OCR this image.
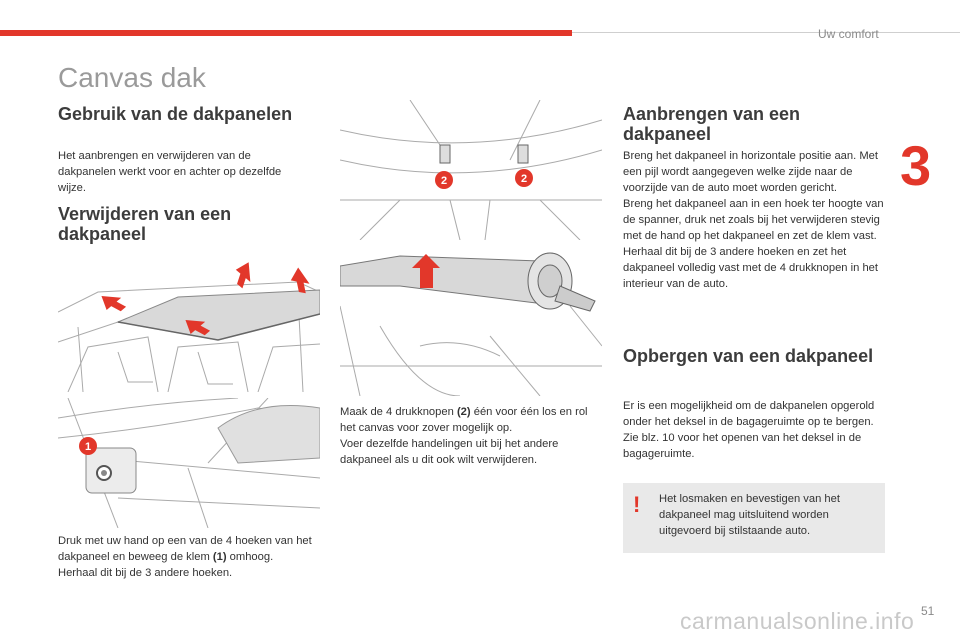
Uw comfort
3
Canvas dak
Gebruik van de dakpanelen

Het aanbrengen en verwijderen van de dakpanelen werkt voor en achter op dezelfde wijze.

Verwijderen van een dakpaneel
1

Druk met uw hand op een van de 4 hoeken van het dakpaneel en beweeg de klem (1) omhoog.
Herhaal dit bij de 3 andere hoeken.

2	2

Maak de 4 drukknopen (2) één voor één los en rol het canvas voor zover mogelijk op.
Voer dezelfde handelingen uit bij het andere dakpaneel als u dit ook wilt verwijderen.

Aanbrengen van een dakpaneel

Breng het dakpaneel in horizontale positie aan. Met een pijl wordt aangegeven welke zijde naar de voorzijde van de auto moet worden gericht.
Breng het dakpaneel aan in een hoek ter hoogte van de spanner, druk net zoals bij het verwijderen stevig met de hand op het dakpaneel en zet de klem vast.
Herhaal dit bij de 3 andere hoeken en zet het dakpaneel volledig vast met de 4 drukknopen in het interieur van de auto.

Opbergen van een dakpaneel

Er is een mogelijkheid om de dakpanelen opgerold onder het deksel in de bagageruimte op te bergen.
Zie blz. 10 voor het openen van het deksel in de bagageruimte.

! Het losmaken en bevestigen van het dakpaneel mag uitsluitend worden uitgevoerd bij stilstaande auto.
carmanualsonline.info 51
